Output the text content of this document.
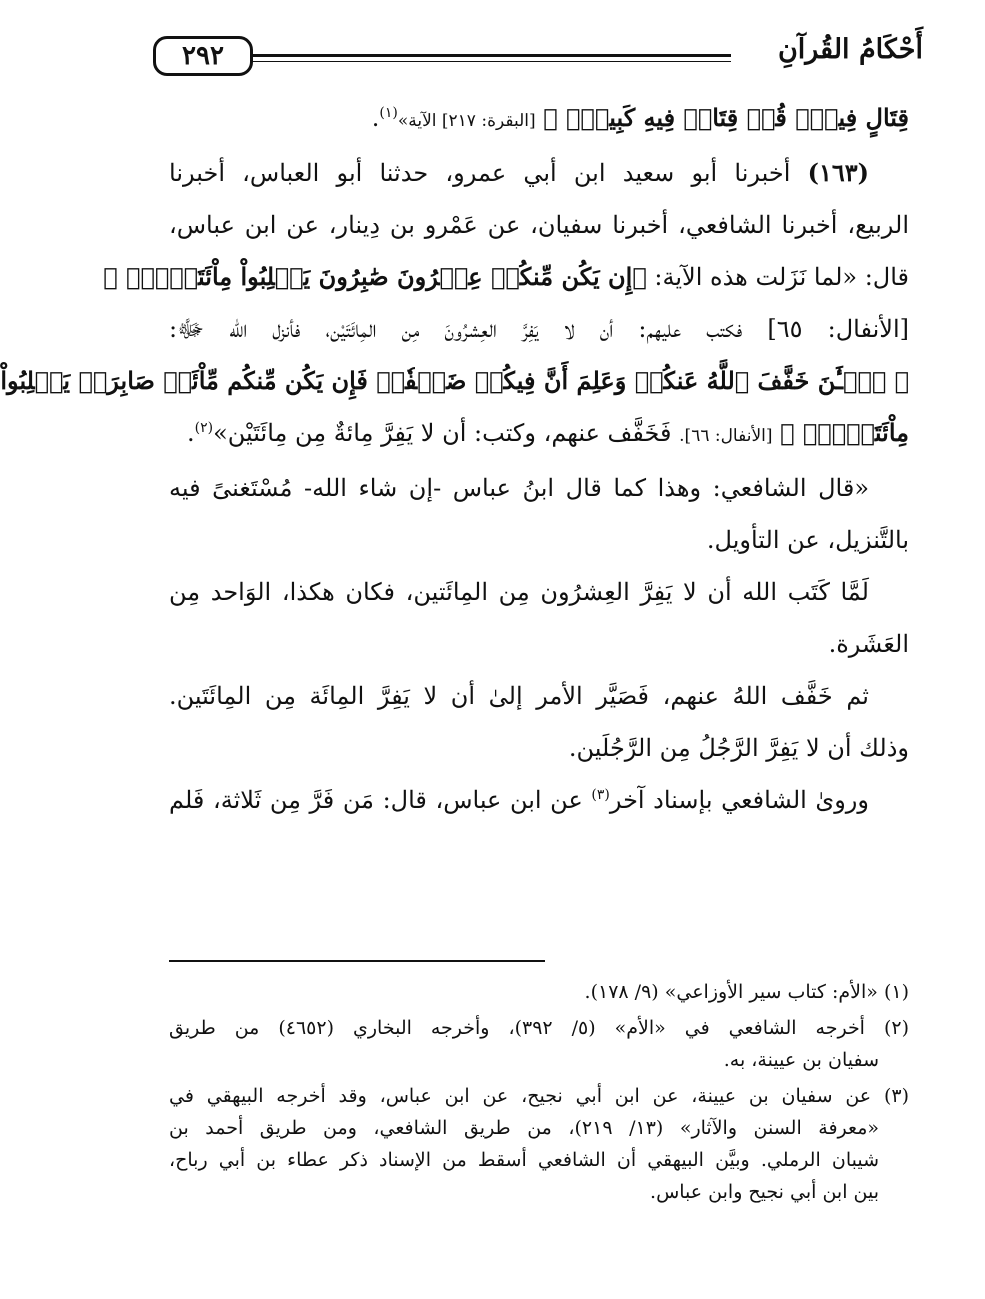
٢٩٢	أَحْكَامُ القُرآنِ
قِتَالٍ فِيهِۖ قُلۡ قِتَالٞ فِيهِ كَبِيرٞۚ ﴾ [البقرة: ٢١٧] الآية»$^{(١)}$.
(١٦٣) أخبرنا أبو سعيد ابن أبي عمرو، حدثنا أبو العباس، أخبرنا
الربيع، أخبرنا الشافعي، أخبرنا سفيان، عن عَمْرو بن دِينار، عن ابن عباس،
قال: «لما نَزَلت هذه الآية: ﴿إِن يَكُن مِّنكُمۡ عِشۡرُونَ صَٰبِرُونَ يَغۡلِبُواْ مِاْئَتَيۡنِۚ ﴾
[الأنفال: ٦٥] فكتب عليهم: أن لا يَفِرَّ العِشرُونَ مِن المِائَتَيْن، فأنزل الله ﷻ:
﴿ ٱلۡـَٰٔنَ خَفَّفَ ٱللَّهُ عَنكُمۡ وَعَلِمَ أَنَّ فِيكُمۡ ضَعۡفٗاۚ فَإِن يَكُن مِّنكُم مِّاْئَةٞ صَابِرَةٞ يَغۡلِبُواْ
مِاْئَتَيۡنِۚ ﴾ [الأنفال: ٦٦]. فَخَفَّف عنهم، وكتب: أن لا يَفِرَّ مِائةٌ مِن مِائَتَيْن»$^{(٢)}$.
«قال الشافعي: وهذا كما قال ابنُ عباس -إن شاء الله- مُسْتَغنىً فيه
بالتَّنزيل، عن التأويل.
لَمَّا كَتَب الله أن لا يَفِرَّ العِشرُون مِن المِائَتين، فكان هكذا، الوَاحد مِن
العَشَرة.
ثم خَفَّف اللهُ عنهم، فَصَيَّر الأمر إلىٰ أن لا يَفِرَّ المِائَة مِن المِائَتَين.
وذلك أن لا يَفِرَّ الرَّجُلُ مِن الرَّجُلَين.
ورویٰ الشافعي بإسناد آخر$^{(٣)}$ عن ابن عباس، قال: مَن فَرَّ مِن ثَلاثة، فَلم
(١) «الأم: كتاب سير الأوزاعي» (٩/ ١٧٨).
(٢) أخرجه الشافعي في «الأم» (٥/ ٣٩٢)، وأخرجه البخاري (٤٦٥٢) من طريق
سفيان بن عيينة، به.
(٣) عن سفيان بن عيينة، عن ابن أبي نجيح، عن ابن عباس، وقد أخرجه البيهقي في
«معرفة السنن والآثار» (١٣/ ٢١٩)، من طريق الشافعي، ومن طريق أحمد بن
شيبان الرملي. وبيَّن البيهقي أن الشافعي أسقط من الإسناد ذكر عطاء بن أبي رباح،
بين ابن أبي نجيح وابن عباس.
